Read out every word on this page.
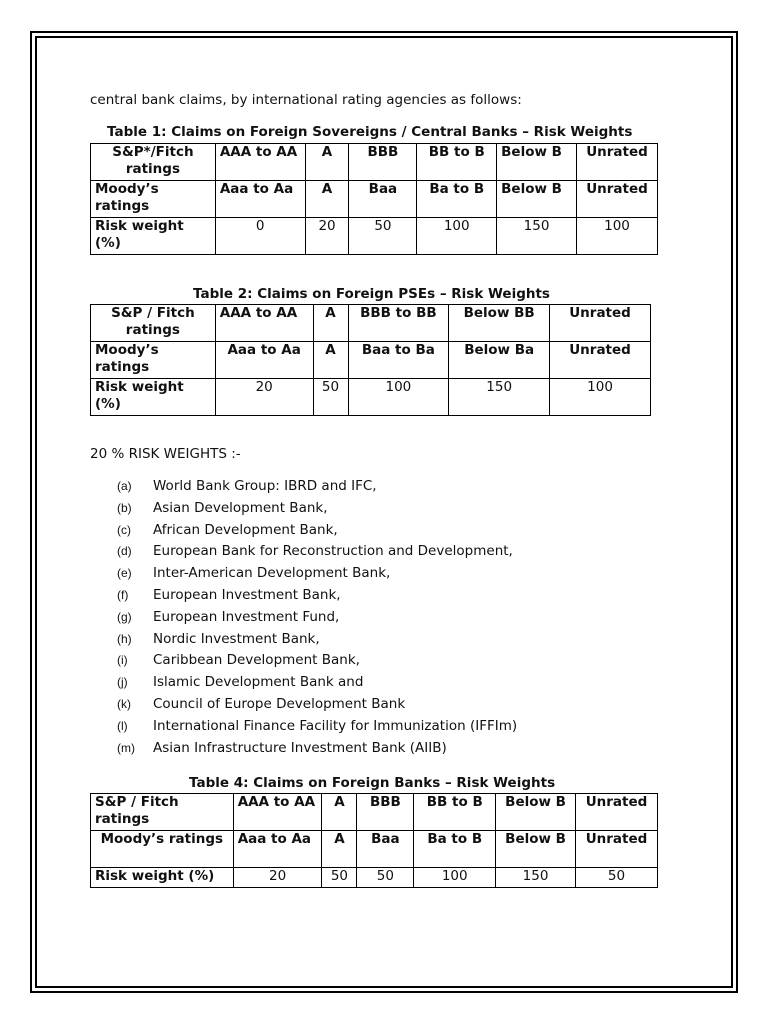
central bank claims, by international rating agencies as follows:
Table 1: Claims on Foreign Sovereigns / Central Banks – Risk Weights
S&P*/Fitch ratings	AAA to AA	A	BBB	BB to B	Below B	Unrated
Moody’s ratings	Aaa to Aa	A	Baa	Ba to B	Below B	Unrated
Risk weight (%)	0	20	50	100	150	100
Table 2: Claims on Foreign PSEs – Risk Weights
S&P / Fitch ratings	AAA to AA	A	BBB to BB	Below BB	Unrated
Moody’s ratings	Aaa to Aa	A	Baa to Ba	Below Ba	Unrated
Risk weight (%)	20	50	100	150	100
20 % RISK WEIGHTS :-
(a) World Bank Group: IBRD and IFC,
(b) Asian Development Bank,
(c) African Development Bank,
(d) European Bank for Reconstruction and Development,
(e) Inter-American Development Bank,
(f) European Investment Bank,
(g) European Investment Fund,
(h) Nordic Investment Bank,
(i) Caribbean Development Bank,
(j) Islamic Development Bank and
(k) Council of Europe Development Bank
(l) International Finance Facility for Immunization (IFFIm)
(m) Asian Infrastructure Investment Bank (AIIB)
Table 4: Claims on Foreign Banks – Risk Weights
S&P / Fitch ratings	AAA to AA	A	BBB	BB to B	Below B	Unrated
Moody’s ratings	Aaa to Aa	A	Baa	Ba to B	Below B	Unrated
Risk weight (%)	20	50	50	100	150	50
